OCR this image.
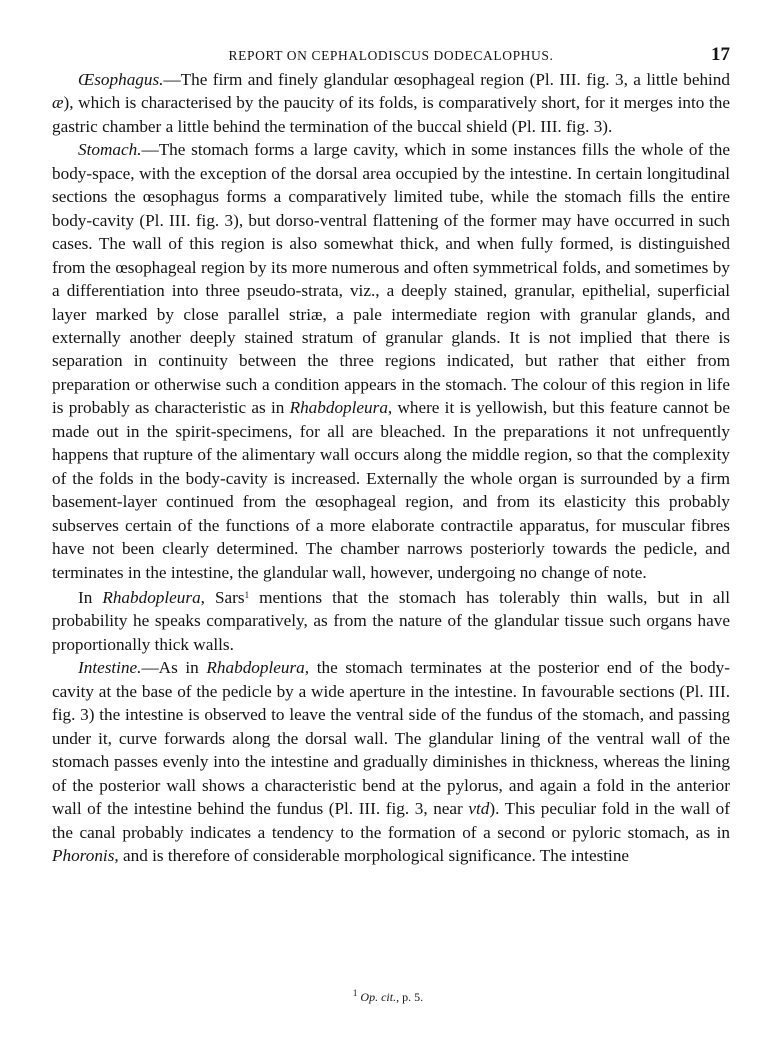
REPORT ON CEPHALODISCUS DODECALOPHUS.	17

Œsophagus.—The firm and finely glandular œsophageal region (Pl. III. fig. 3, a little behind æ), which is characterised by the paucity of its folds, is comparatively short, for it merges into the gastric chamber a little behind the termination of the buccal shield (Pl. III. fig. 3).

Stomach.—The stomach forms a large cavity, which in some instances fills the whole of the body-space, with the exception of the dorsal area occupied by the intestine. In certain longitudinal sections the œsophagus forms a comparatively limited tube, while the stomach fills the entire body-cavity (Pl. III. fig. 3), but dorso-ventral flattening of the former may have occurred in such cases. The wall of this region is also somewhat thick, and when fully formed, is distinguished from the œsophageal region by its more numerous and often symmetrical folds, and sometimes by a differentiation into three pseudo-strata, viz., a deeply stained, granular, epithelial, superficial layer marked by close parallel striæ, a pale intermediate region with granular glands, and externally another deeply stained stratum of granular glands. It is not implied that there is separation in continuity between the three regions indicated, but rather that either from preparation or otherwise such a condition appears in the stomach. The colour of this region in life is probably as characteristic as in Rhabdopleura, where it is yellowish, but this feature cannot be made out in the spirit-specimens, for all are bleached. In the preparations it not unfrequently happens that rupture of the alimentary wall occurs along the middle region, so that the complexity of the folds in the body-cavity is increased. Externally the whole organ is surrounded by a firm basement-layer continued from the œsophageal region, and from its elasticity this probably subserves certain of the functions of a more elaborate contractile apparatus, for muscular fibres have not been clearly determined. The chamber narrows posteriorly towards the pedicle, and terminates in the intestine, the glandular wall, however, undergoing no change of note.

In Rhabdopleura, Sars$^1$ mentions that the stomach has tolerably thin walls, but in all probability he speaks comparatively, as from the nature of the glandular tissue such organs have proportionally thick walls.

Intestine.—As in Rhabdopleura, the stomach terminates at the posterior end of the body-cavity at the base of the pedicle by a wide aperture in the intestine. In favourable sections (Pl. III. fig. 3) the intestine is observed to leave the ventral side of the fundus of the stomach, and passing under it, curve forwards along the dorsal wall. The glandular lining of the ventral wall of the stomach passes evenly into the intestine and gradually diminishes in thickness, whereas the lining of the posterior wall shows a characteristic bend at the pylorus, and again a fold in the anterior wall of the intestine behind the fundus (Pl. III. fig. 3, near vtd). This peculiar fold in the wall of the canal probably indicates a tendency to the formation of a second or pyloric stomach, as in Phoronis, and is therefore of considerable morphological significance. The intestine

$^1$ Op. cit., p. 5.
